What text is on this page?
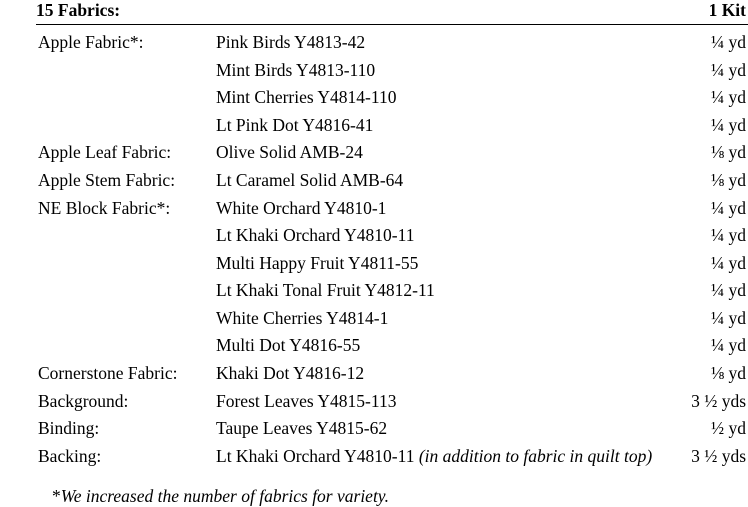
15 Fabrics:		1 Kit
Apple Fabric*:	Pink Birds Y4813-42	¼ yd
	Mint Birds Y4813-110	¼ yd
	Mint Cherries Y4814-110	¼ yd
	Lt Pink Dot Y4816-41	¼ yd
Apple Leaf Fabric:	Olive Solid AMB-24	⅛ yd
Apple Stem Fabric:	Lt Caramel Solid AMB-64	⅛ yd
NE Block Fabric*:	White Orchard Y4810-1	¼ yd
	Lt Khaki Orchard Y4810-11	¼ yd
	Multi Happy Fruit Y4811-55	¼ yd
	Lt Khaki Tonal Fruit Y4812-11	¼ yd
	White Cherries Y4814-1	¼ yd
	Multi Dot Y4816-55	¼ yd
Cornerstone Fabric:	Khaki Dot Y4816-12	⅛ yd
Background:	Forest Leaves Y4815-113	3 ½ yds
Binding:	Taupe Leaves Y4815-62	½ yd
Backing:	Lt Khaki Orchard Y4810-11 (in addition to fabric in quilt top)	3 ½ yds
*We increased the number of fabrics for variety.
